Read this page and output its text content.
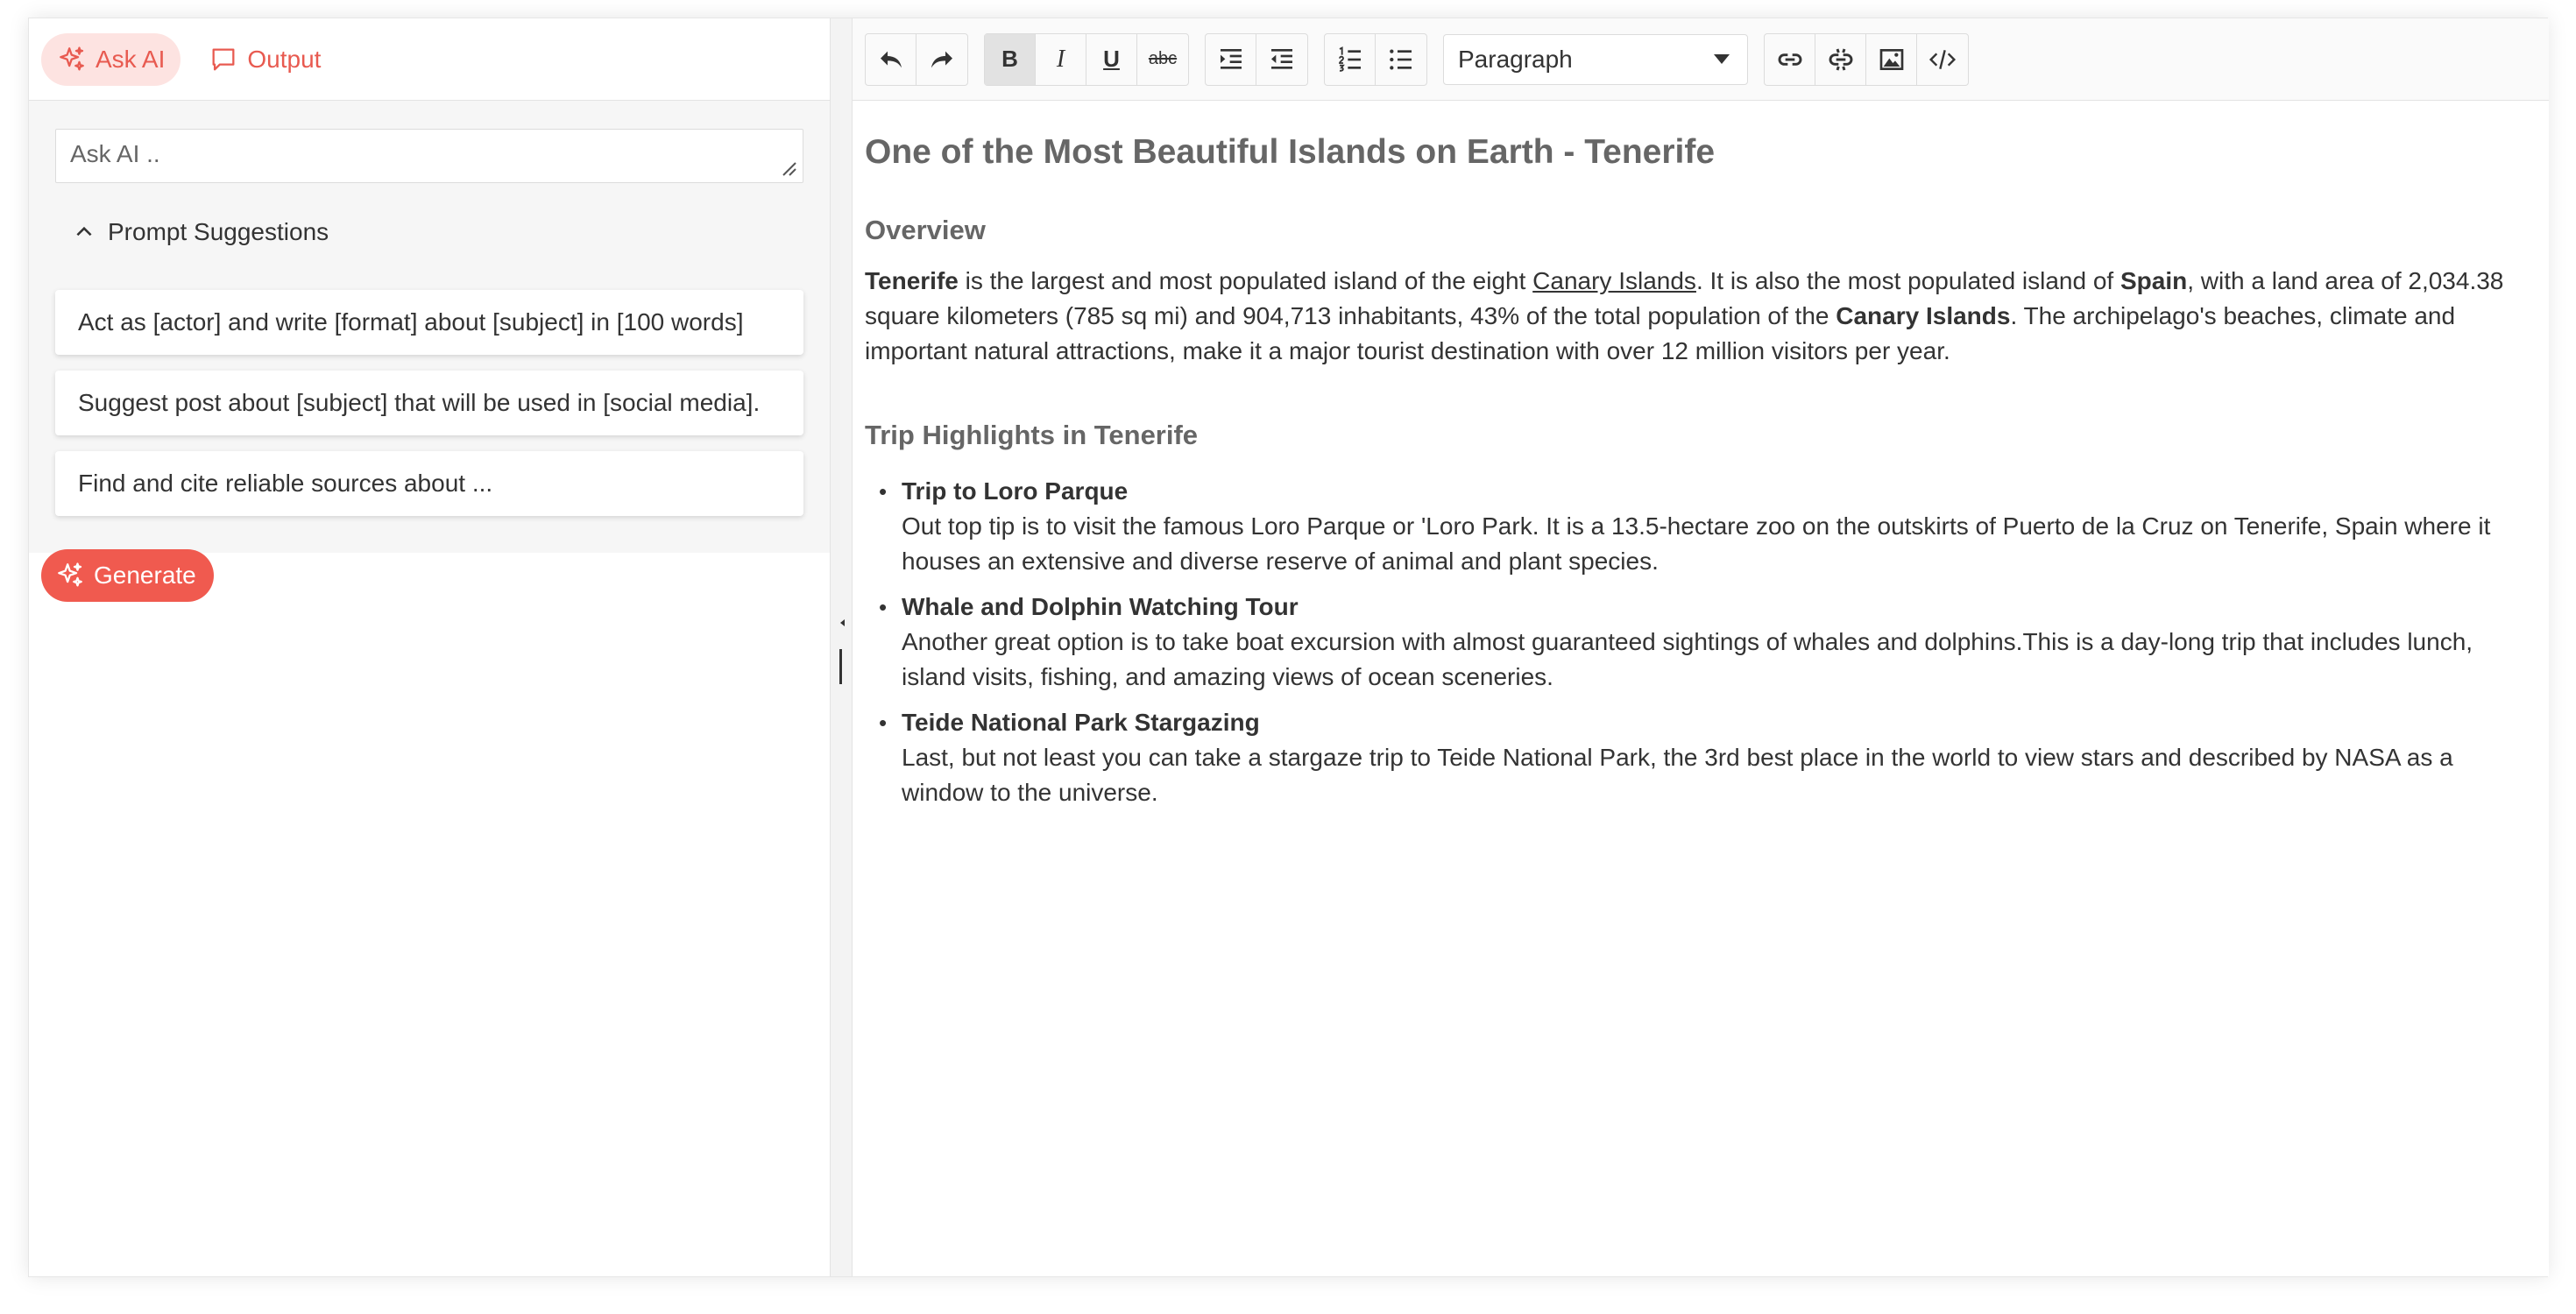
Ask AI	Output
Ask AI ..
Prompt Suggestions
Act as [actor] and write [format] about [subject] in [100 words]
Suggest post about [subject] that will be used in [social media].
Find and cite reliable sources about ...
Generate
B I U abc	Paragraph
One of the Most Beautiful Islands on Earth - Tenerife
Overview

Tenerife is the largest and most populated island of the eight Canary Islands. It is also the most populated island of Spain, with a land area of 2,034.38 square kilometers (785 sq mi) and 904,713 inhabitants, 43% of the total population of the Canary Islands. The archipelago's beaches, climate and important natural attractions, make it a major tourist destination with over 12 million visitors per year.

Trip Highlights in Tenerife
• Trip to Loro Parque
Out top tip is to visit the famous Loro Parque or 'Loro Park. It is a 13.5-hectare zoo on the outskirts of Puerto de la Cruz on Tenerife, Spain where it houses an extensive and diverse reserve of animal and plant species.
• Whale and Dolphin Watching Tour
Another great option is to take boat excursion with almost guaranteed sightings of whales and dolphins.This is a day-long trip that includes lunch, island visits, fishing, and amazing views of ocean sceneries.
• Teide National Park Stargazing
Last, but not least you can take a stargaze trip to Teide National Park, the 3rd best place in the world to view stars and described by NASA as a window to the universe.
